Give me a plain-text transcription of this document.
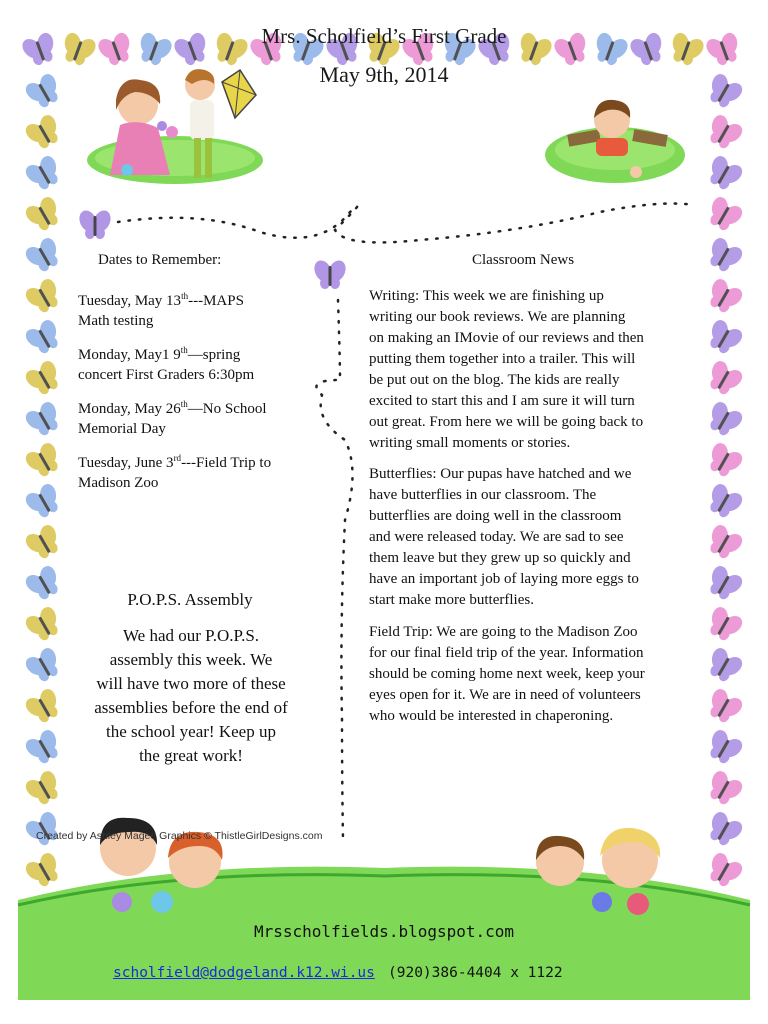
Mrs. Scholfield’s First Grade
May 9th, 2014
Dates to Remember:
Tuesday, May 13th---MAPS
Math testing
Monday, May1 9th—spring
concert First Graders 6:30pm
Monday, May 26th—No School
Memorial Day
Tuesday, June 3rd---Field Trip to
Madison Zoo
P.O.P.S. Assembly
We had our P.O.P.S.
assembly this week. We
will have two more of these
assemblies before the end of
the school year! Keep up
the great work!
Classroom News
Writing: This week we are finishing up
writing our book reviews. We are planning
on making an IMovie of our reviews and then
putting them together into a trailer. This will
be put out on the blog. The kids are really
excited to start this and I am sure it will turn
out great. From here we will be going back to
writing small moments or stories.
Butterflies: Our pupas have hatched and we
have butterflies in our classroom. The
butterflies are doing well in the classroom
and were released today. We are sad to see
them leave but they grew up so quickly and
have an important job of laying more eggs to
start make more butterflies.
Field Trip: We are going to the Madison Zoo
for our final field trip of the year. Information
should be coming home next week, keep your
eyes open for it. We are in need of volunteers
who would be interested in chaperoning.
Created by Ashley Magee Graphics © ThistleGirlDesigns.com
Mrsscholfields.blogspot.com
scholfield@dodgeland.k12.wi.us (920)386-4404 x 1122
